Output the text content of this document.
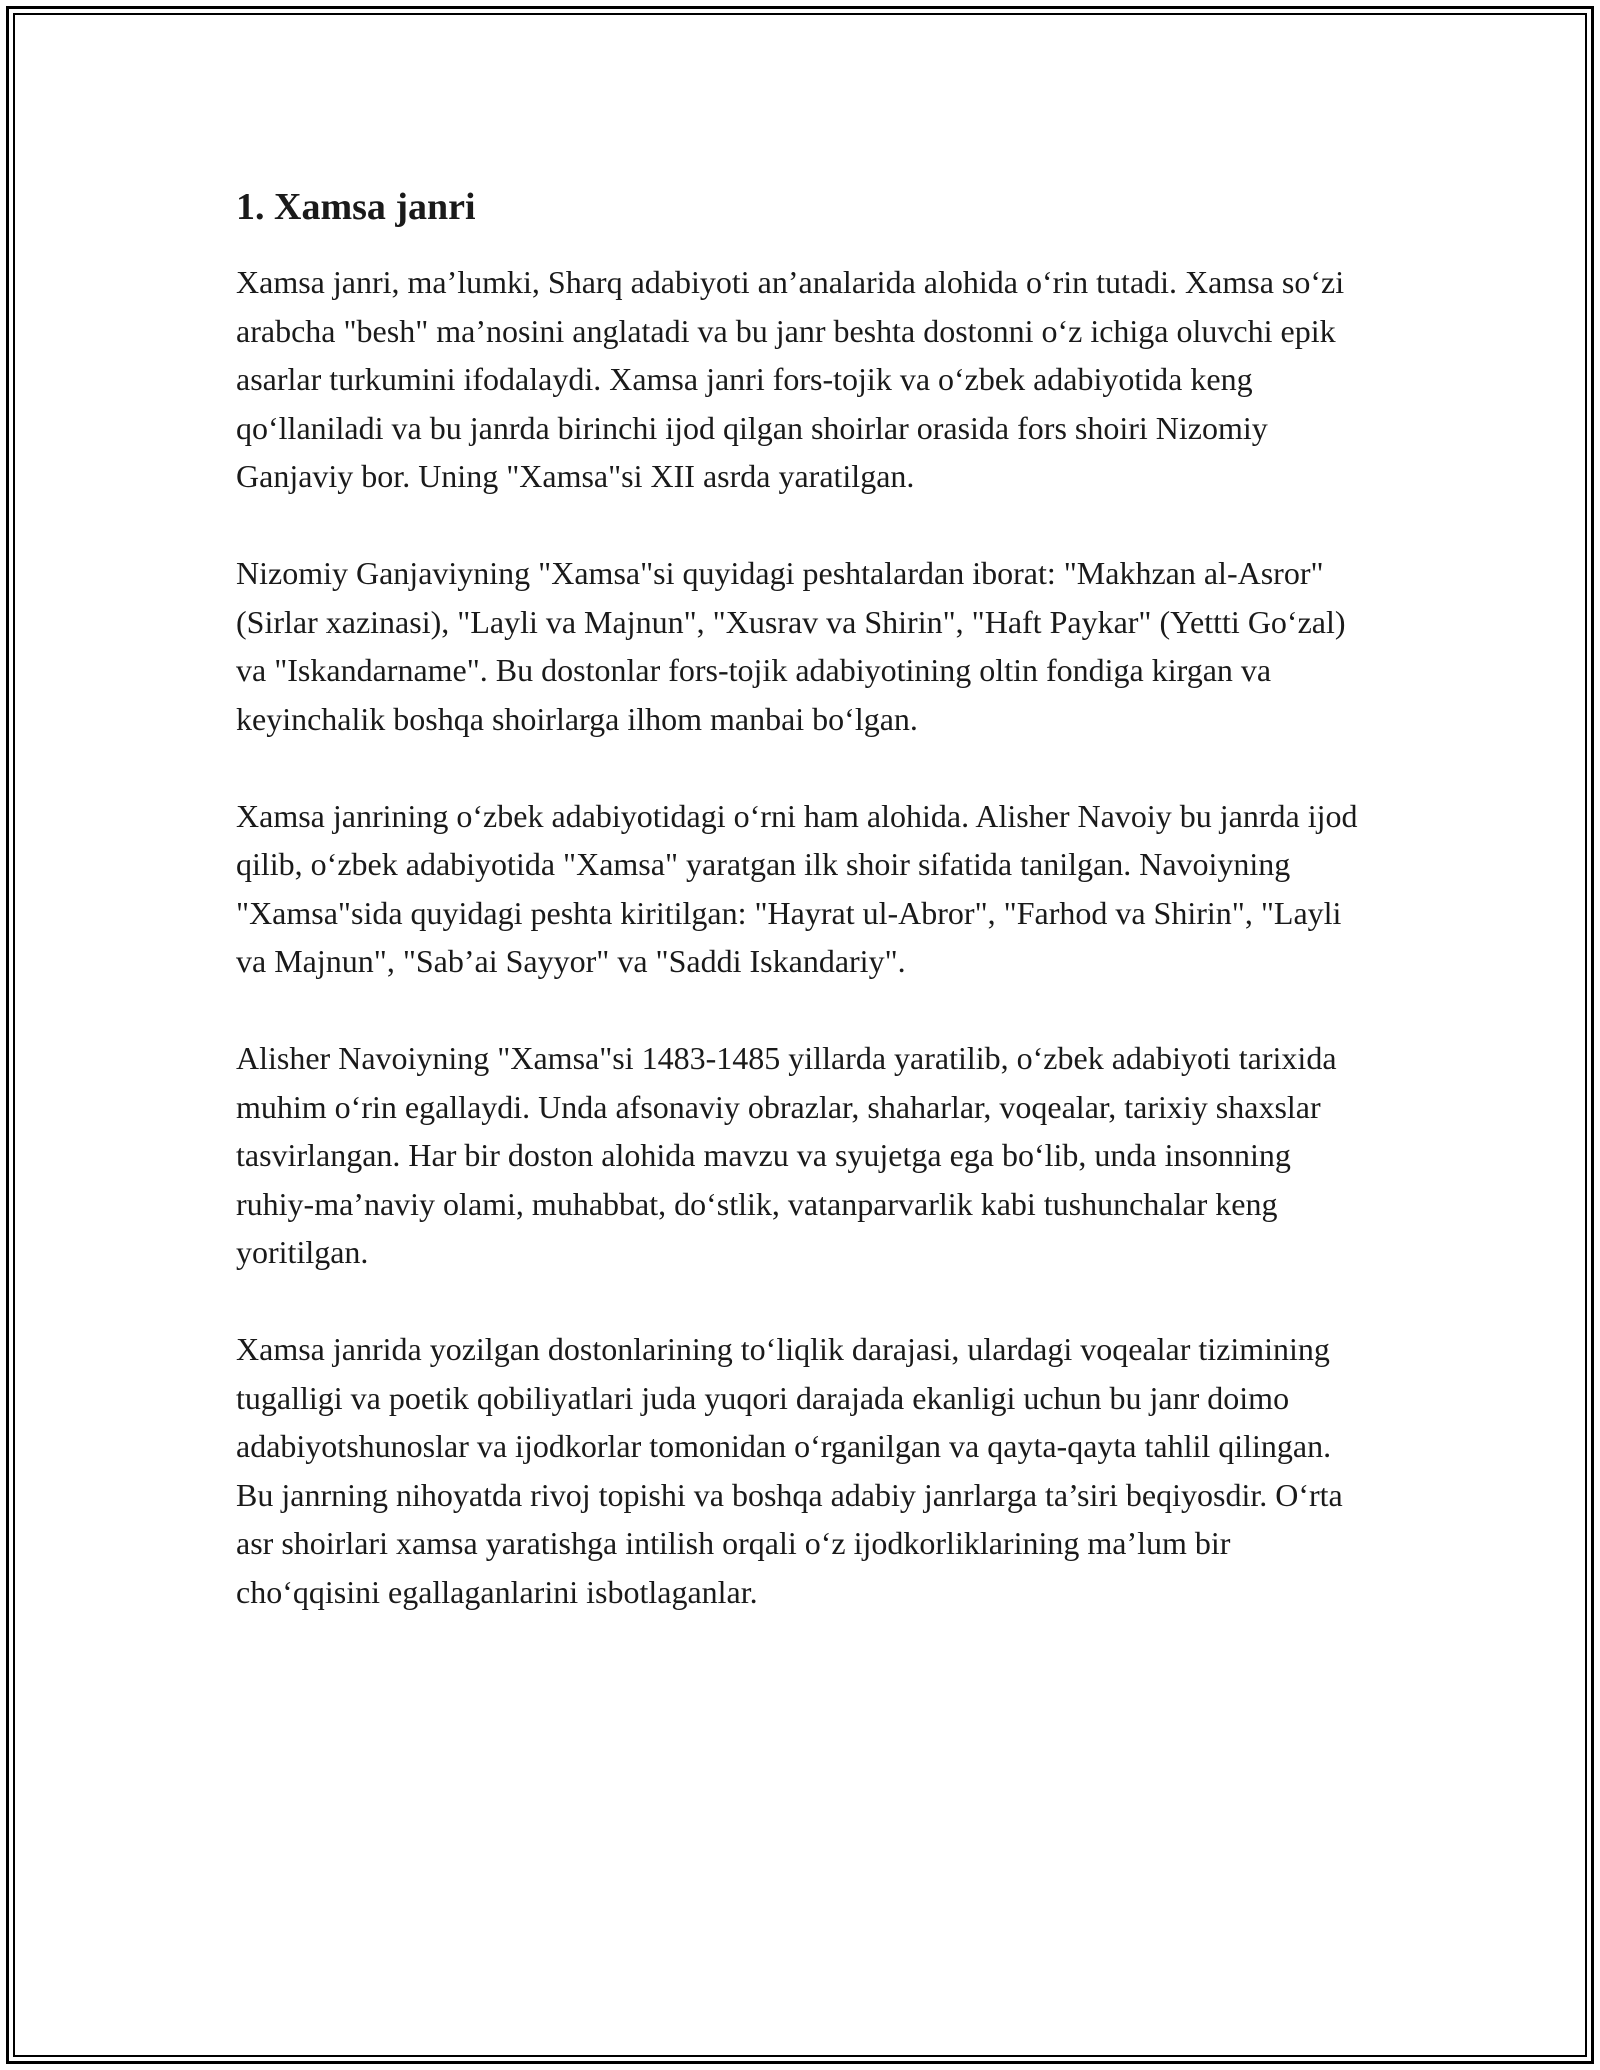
1. Xamsa janri

Xamsa janri, ma’lumki, Sharq adabiyoti an’analarida alohida o‘rin tutadi. Xamsa so‘zi arabcha "besh" ma’nosini anglatadi va bu janr beshta dostonni o‘z ichiga oluvchi epik asarlar turkumini ifodalaydi. Xamsa janri fors-tojik va o‘zbek adabiyotida keng qo‘llaniladi va bu janrda birinchi ijod qilgan shoirlar orasida fors shoiri Nizomiy Ganjaviy bor. Uning "Xamsa"si XII asrda yaratilgan.

Nizomiy Ganjaviyning "Xamsa"si quyidagi peshtalardan iborat: "Makhzan al-Asror" (Sirlar xazinasi), "Layli va Majnun", "Xusrav va Shirin", "Haft Paykar" (Yettti Go‘zal) va "Iskandarname". Bu dostonlar fors-tojik adabiyotining oltin fondiga kirgan va keyinchalik boshqa shoirlarga ilhom manbai bo‘lgan.

Xamsa janrining o‘zbek adabiyotidagi o‘rni ham alohida. Alisher Navoiy bu janrda ijod qilib, o‘zbek adabiyotida "Xamsa" yaratgan ilk shoir sifatida tanilgan. Navoiyning "Xamsa"sida quyidagi peshta kiritilgan: "Hayrat ul-Abror", "Farhod va Shirin", "Layli va Majnun", "Sab’ai Sayyor" va "Saddi Iskandariy".

Alisher Navoiyning "Xamsa"si 1483-1485 yillarda yaratilib, o‘zbek adabiyoti tarixida muhim o‘rin egallaydi. Unda afsonaviy obrazlar, shaharlar, voqealar, tarixiy shaxslar tasvirlangan. Har bir doston alohida mavzu va syujetga ega bo‘lib, unda insonning ruhiy-ma’naviy olami, muhabbat, do‘stlik, vatanparvarlik kabi tushunchalar keng yoritilgan.

Xamsa janrida yozilgan dostonlarining to‘liqlik darajasi, ulardagi voqealar tizimining tugalligi va poetik qobiliyatlari juda yuqori darajada ekanligi uchun bu janr doimo adabiyotshunoslar va ijodkorlar tomonidan o‘rganilgan va qayta-qayta tahlil qilingan. Bu janrning nihoyatda rivoj topishi va boshqa adabiy janrlarga ta’siri beqiyosdir. O‘rta asr shoirlari xamsa yaratishga intilish orqali o‘z ijodkorliklarining ma’lum bir cho‘qqisini egallaganlarini isbotlaganlar.
